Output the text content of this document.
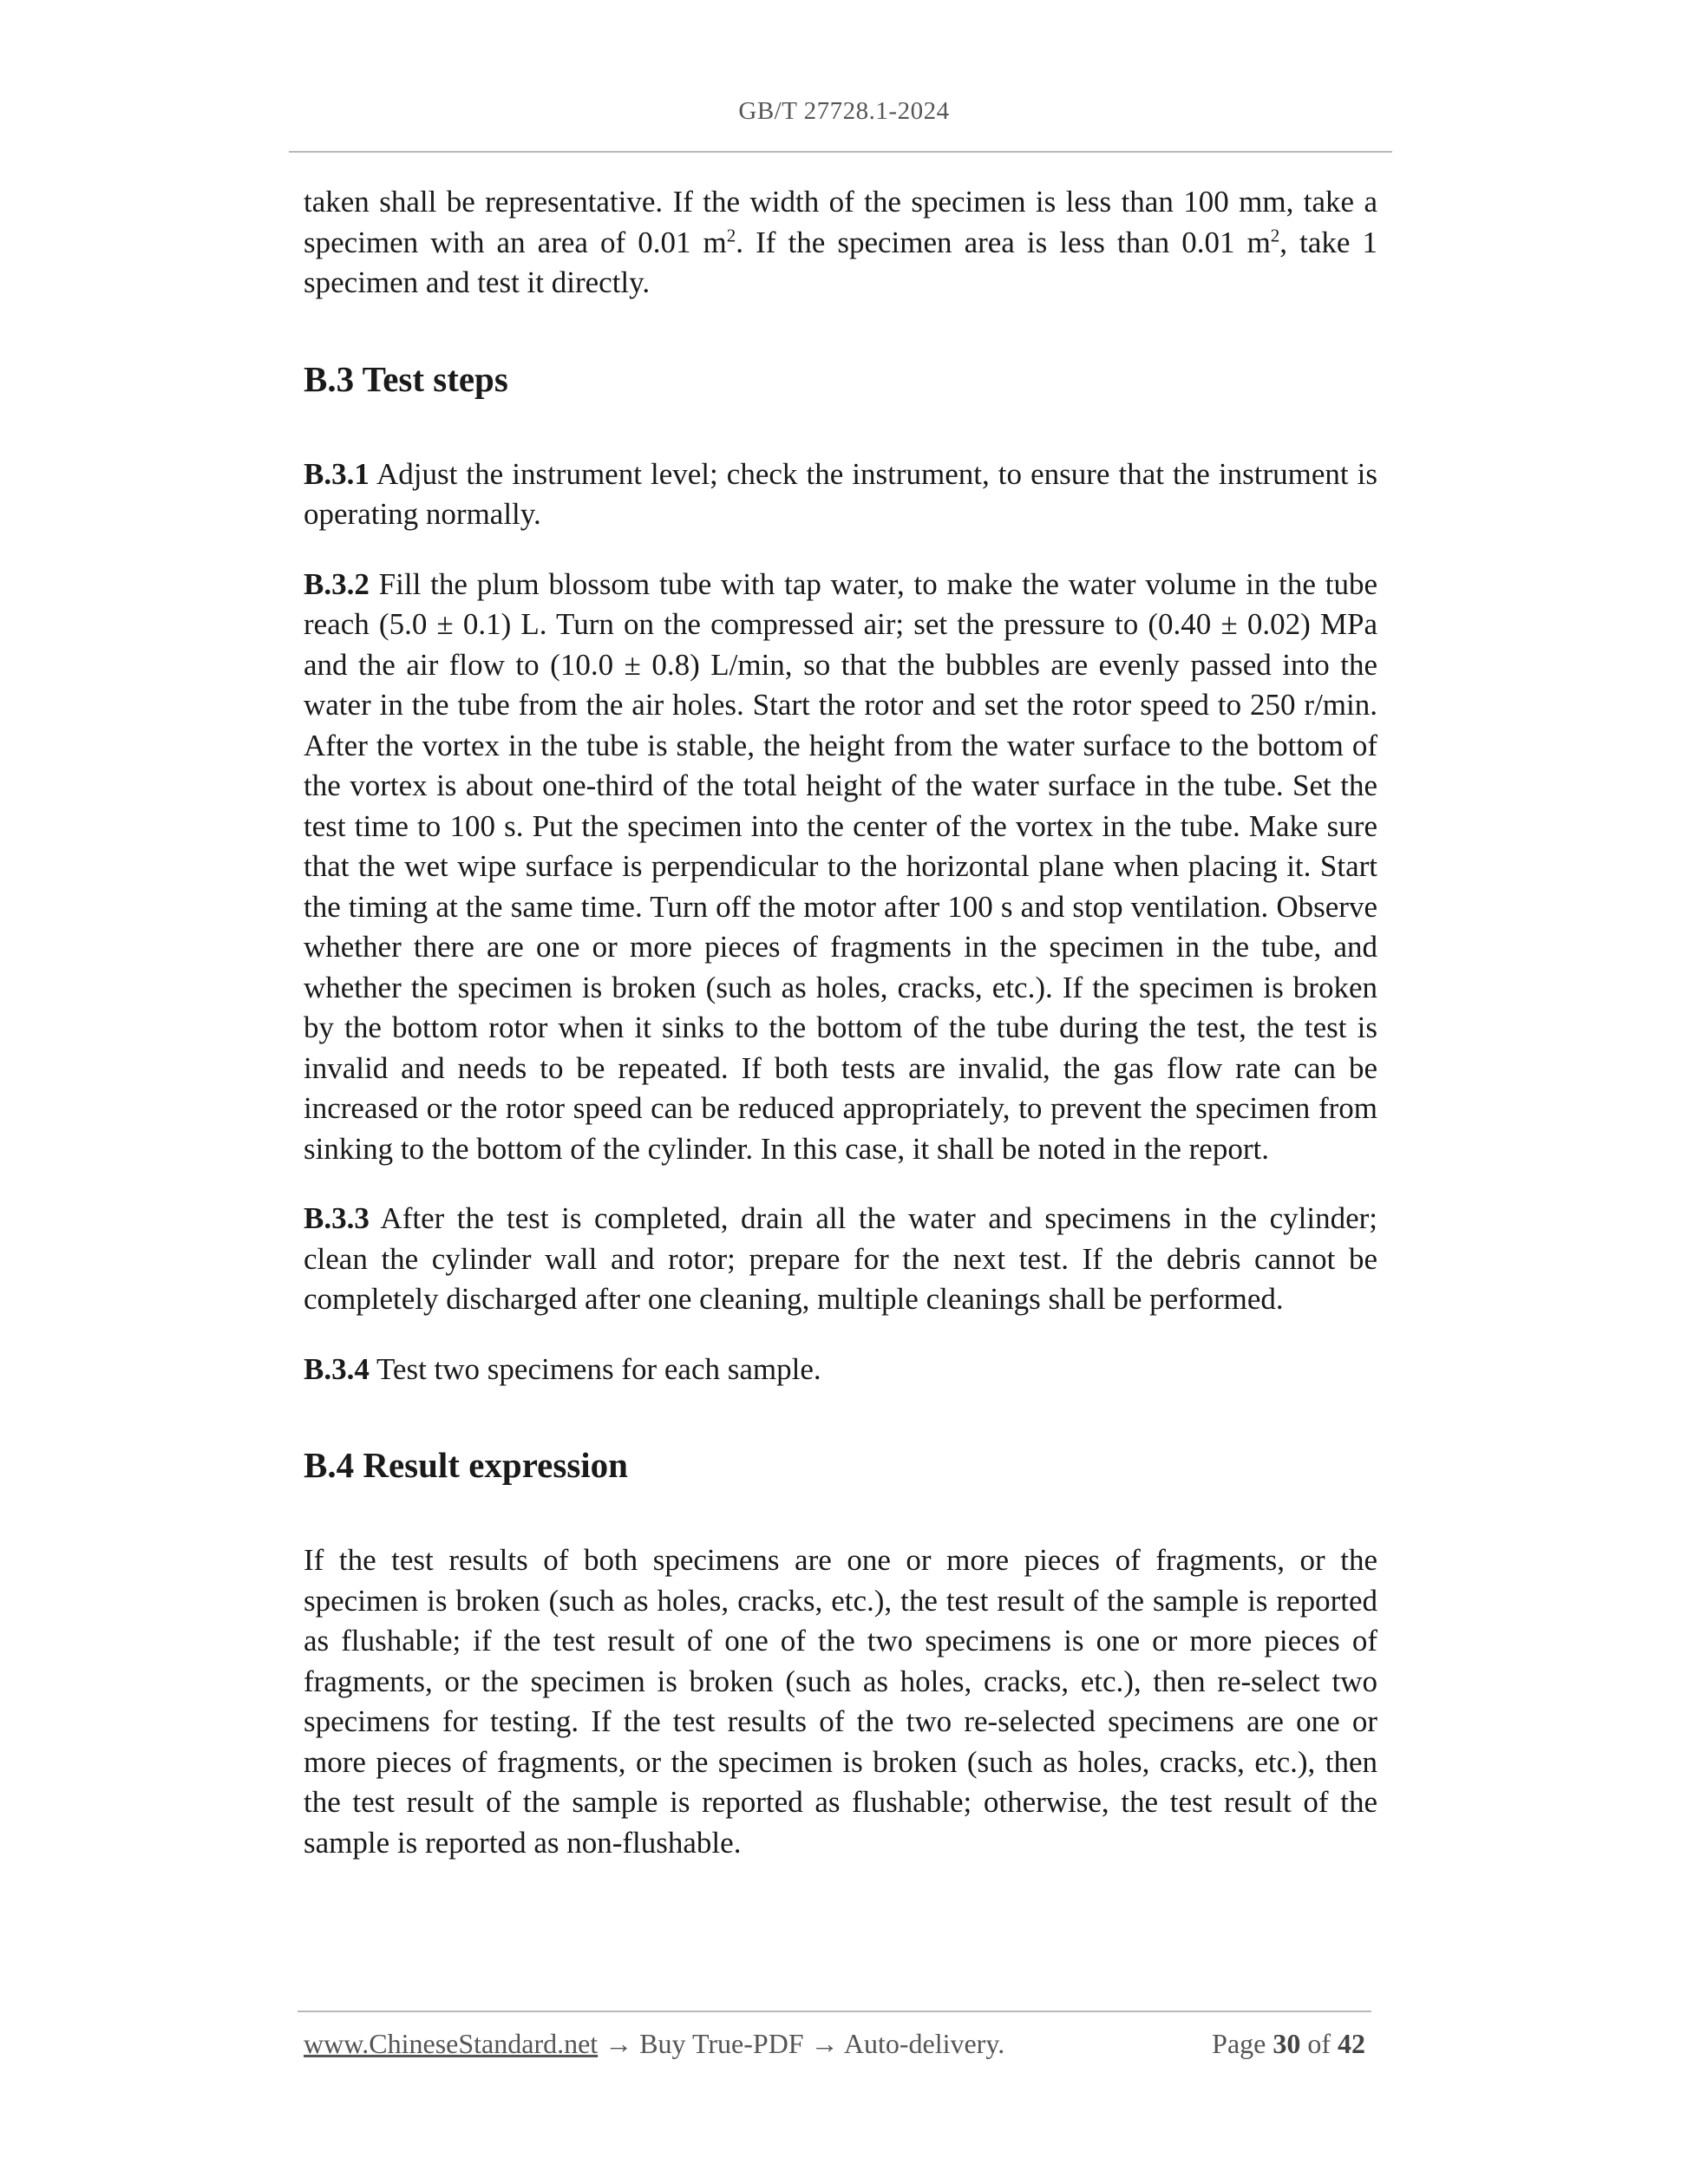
GB/T 27728.1-2024

taken shall be representative. If the width of the specimen is less than 100 mm, take a specimen with an area of 0.01 $m^2$. If the specimen area is less than 0.01 $m^2$, take 1 specimen and test it directly.

B.3 Test steps

B.3.1 Adjust the instrument level; check the instrument, to ensure that the instrument is operating normally.

B.3.2 Fill the plum blossom tube with tap water, to make the water volume in the tube reach (5.0 ± 0.1) L. Turn on the compressed air; set the pressure to (0.40 ± 0.02) MPa and the air flow to (10.0 ± 0.8) L/min, so that the bubbles are evenly passed into the water in the tube from the air holes. Start the rotor and set the rotor speed to 250 r/min. After the vortex in the tube is stable, the height from the water surface to the bottom of the vortex is about one-third of the total height of the water surface in the tube. Set the test time to 100 s. Put the specimen into the center of the vortex in the tube. Make sure that the wet wipe surface is perpendicular to the horizontal plane when placing it. Start the timing at the same time. Turn off the motor after 100 s and stop ventilation. Observe whether there are one or more pieces of fragments in the specimen in the tube, and whether the specimen is broken (such as holes, cracks, etc.). If the specimen is broken by the bottom rotor when it sinks to the bottom of the tube during the test, the test is invalid and needs to be repeated. If both tests are invalid, the gas flow rate can be increased or the rotor speed can be reduced appropriately, to prevent the specimen from sinking to the bottom of the cylinder. In this case, it shall be noted in the report.

B.3.3 After the test is completed, drain all the water and specimens in the cylinder; clean the cylinder wall and rotor; prepare for the next test. If the debris cannot be completely discharged after one cleaning, multiple cleanings shall be performed.

B.3.4 Test two specimens for each sample.

B.4 Result expression

If the test results of both specimens are one or more pieces of fragments, or the specimen is broken (such as holes, cracks, etc.), the test result of the sample is reported as flushable; if the test result of one of the two specimens is one or more pieces of fragments, or the specimen is broken (such as holes, cracks, etc.), then re-select two specimens for testing. If the test results of the two re-selected specimens are one or more pieces of fragments, or the specimen is broken (such as holes, cracks, etc.), then the test result of the sample is reported as flushable; otherwise, the test result of the sample is reported as non-flushable.

www.ChineseStandard.net → Buy True-PDF → Auto-delivery.	Page 30 of 42
